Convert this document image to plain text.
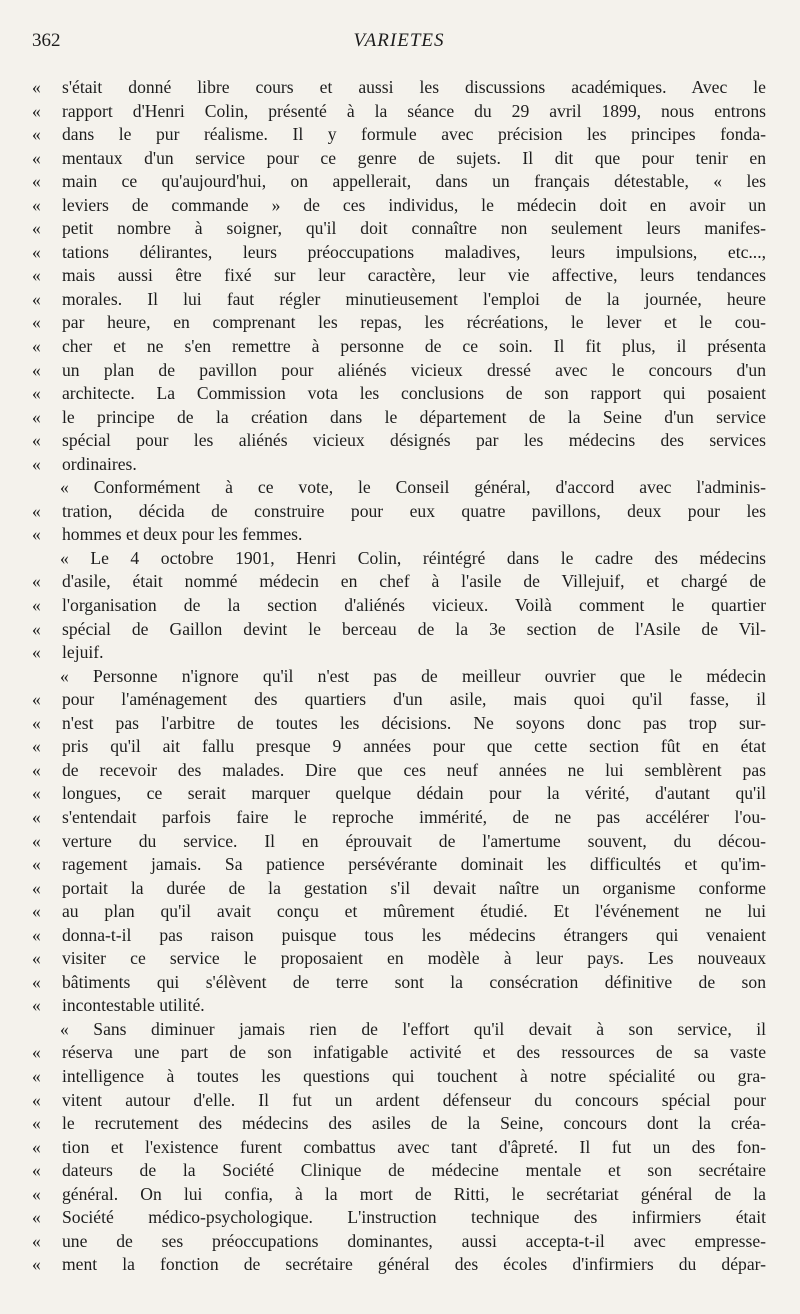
362	VARIETES
«	s'était donné libre cours et aussi les discussions académiques. Avec le
«	rapport d'Henri Colin, présenté à la séance du 29 avril 1899, nous entrons
«	dans le pur réalisme. Il y formule avec précision les principes fonda-
«	mentaux d'un service pour ce genre de sujets. Il dit que pour tenir en
«	main ce qu'aujourd'hui, on appellerait, dans un français détestable, « les
«	leviers de commande » de ces individus, le médecin doit en avoir un
«	petit nombre à soigner, qu'il doit connaître non seulement leurs manifes-
«	tations délirantes, leurs préoccupations maladives, leurs impulsions, etc...,
«	mais aussi être fixé sur leur caractère, leur vie affective, leurs tendances
«	morales. Il lui faut régler minutieusement l'emploi de la journée, heure
«	par heure, en comprenant les repas, les récréations, le lever et le cou-
«	cher et ne s'en remettre à personne de ce soin. Il fit plus, il présenta
«	un plan de pavillon pour aliénés vicieux dressé avec le concours d'un
«	architecte. La Commission vota les conclusions de son rapport qui posaient
«	le principe de la création dans le département de la Seine d'un service
«	spécial pour les aliénés vicieux désignés par les médecins des services
«	ordinaires.
« Conformément à ce vote, le Conseil général, d'accord avec l'adminis-
«	tration, décida de construire pour eux quatre pavillons, deux pour les
«	hommes et deux pour les femmes.
« Le 4 octobre 1901, Henri Colin, réintégré dans le cadre des médecins
«	d'asile, était nommé médecin en chef à l'asile de Villejuif, et chargé de
«	l'organisation de la section d'aliénés vicieux. Voilà comment le quartier
«	spécial de Gaillon devint le berceau de la 3e section de l'Asile de Vil-
«	lejuif.
« Personne n'ignore qu'il n'est pas de meilleur ouvrier que le médecin
«	pour l'aménagement des quartiers d'un asile, mais quoi qu'il fasse, il
«	n'est pas l'arbitre de toutes les décisions. Ne soyons donc pas trop sur-
«	pris qu'il ait fallu presque 9 années pour que cette section fût en état
«	de recevoir des malades. Dire que ces neuf années ne lui semblèrent pas
«	longues, ce serait marquer quelque dédain pour la vérité, d'autant qu'il
«	s'entendait parfois faire le reproche immérité, de ne pas accélérer l'ou-
«	verture du service. Il en éprouvait de l'amertume souvent, du décou-
«	ragement jamais. Sa patience persévérante dominait les difficultés et qu'im-
«	portait la durée de la gestation s'il devait naître un organisme conforme
«	au plan qu'il avait conçu et mûrement étudié. Et l'événement ne lui
«	donna-t-il pas raison puisque tous les médecins étrangers qui venaient
«	visiter ce service le proposaient en modèle à leur pays. Les nouveaux
«	bâtiments qui s'élèvent de terre sont la consécration définitive de son
«	incontestable utilité.
« Sans diminuer jamais rien de l'effort qu'il devait à son service, il
«	réserva une part de son infatigable activité et des ressources de sa vaste
«	intelligence à toutes les questions qui touchent à notre spécialité ou gra-
«	vitent autour d'elle. Il fut un ardent défenseur du concours spécial pour
«	le recrutement des médecins des asiles de la Seine, concours dont la créa-
«	tion et l'existence furent combattus avec tant d'âpreté. Il fut un des fon-
«	dateurs de la Société Clinique de médecine mentale et son secrétaire
«	général. On lui confia, à la mort de Ritti, le secrétariat général de la
«	Société médico-psychologique. L'instruction technique des infirmiers était
«	une de ses préoccupations dominantes, aussi accepta-t-il avec empresse-
«	ment la fonction de secrétaire général des écoles d'infirmiers du dépar-
